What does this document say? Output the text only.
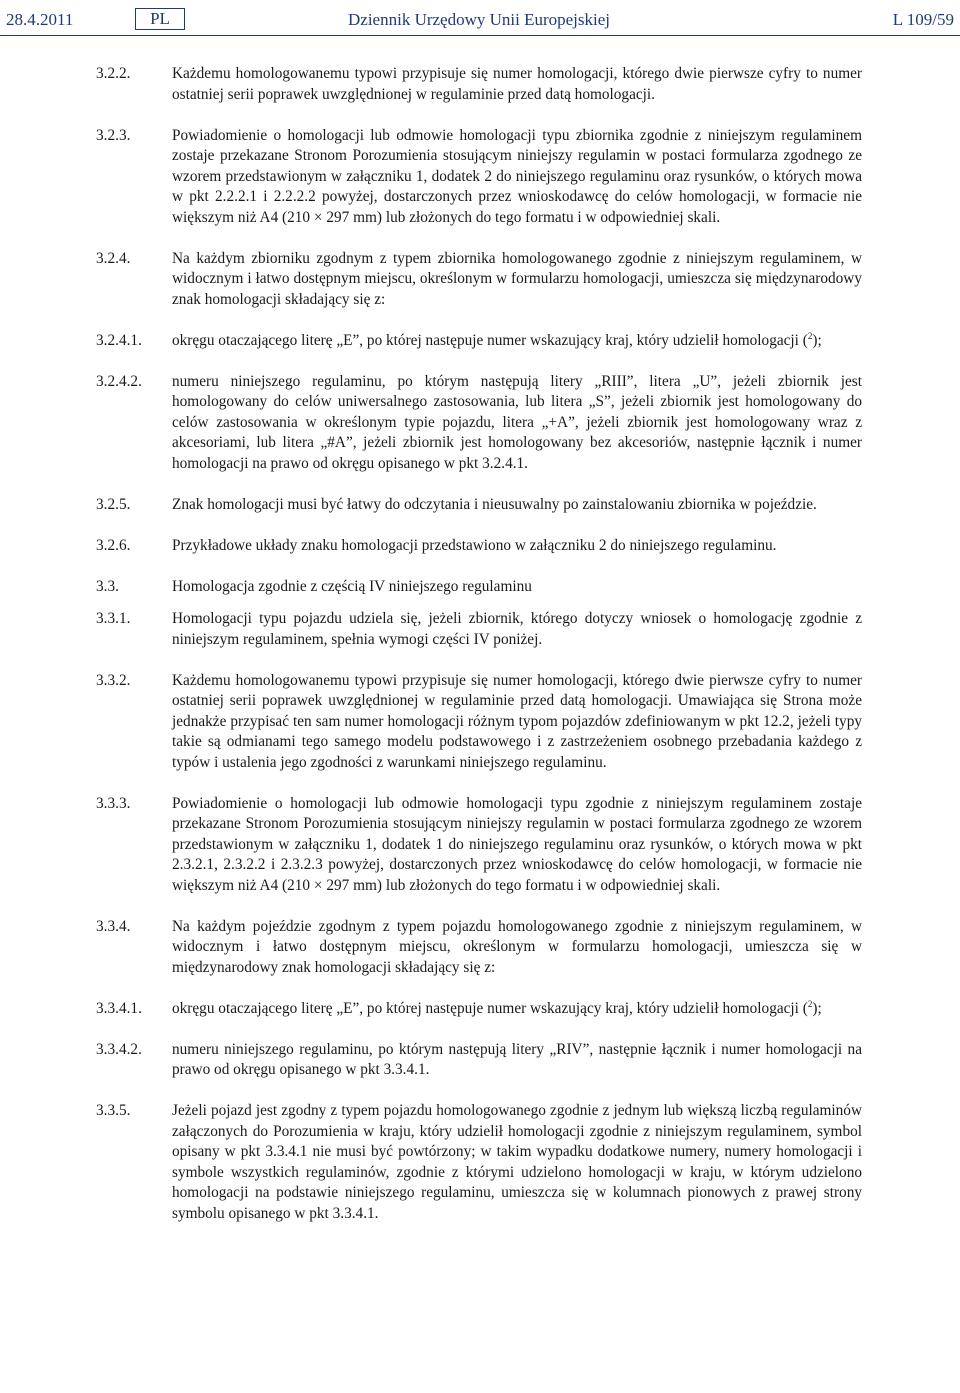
28.4.2011	PL	Dziennik Urzędowy Unii Europejskiej	L 109/59
3.2.2.	Każdemu homologowanemu typowi przypisuje się numer homologacji, którego dwie pierwsze cyfry to numer ostatniej serii poprawek uwzględnionej w regulaminie przed datą homologacji.
3.2.3.	Powiadomienie o homologacji lub odmowie homologacji typu zbiornika zgodnie z niniejszym regulaminem zostaje przekazane Stronom Porozumienia stosującym niniejszy regulamin w postaci formularza zgodnego ze wzorem przedstawionym w załączniku 1, dodatek 2 do niniejszego regulaminu oraz rysunków, o których mowa w pkt 2.2.2.1 i 2.2.2.2 powyżej, dostarczonych przez wnioskodawcę do celów homologacji, w formacie nie większym niż A4 (210 × 297 mm) lub złożonych do tego formatu i w odpowiedniej skali.
3.2.4.	Na każdym zbiorniku zgodnym z typem zbiornika homologowanego zgodnie z niniejszym regulaminem, w widocznym i łatwo dostępnym miejscu, określonym w formularzu homologacji, umieszcza się międzynarodowy znak homologacji składający się z:
3.2.4.1.	okręgu otaczającego literę „E”, po której następuje numer wskazujący kraj, który udzielił homologacji ($^2$);
3.2.4.2.	numeru niniejszego regulaminu, po którym następują litery „RIII”, litera „U”, jeżeli zbiornik jest homologowany do celów uniwersalnego zastosowania, lub litera „S”, jeżeli zbiornik jest homologowany do celów zastosowania w określonym typie pojazdu, litera „+A”, jeżeli zbiornik jest homologowany wraz z akcesoriami, lub litera „#A”, jeżeli zbiornik jest homologowany bez akcesoriów, następnie łącznik i numer homologacji na prawo od okręgu opisanego w pkt 3.2.4.1.
3.2.5.	Znak homologacji musi być łatwy do odczytania i nieusuwalny po zainstalowaniu zbiornika w pojeździe.
3.2.6.	Przykładowe układy znaku homologacji przedstawiono w załączniku 2 do niniejszego regulaminu.
3.3.	Homologacja zgodnie z częścią IV niniejszego regulaminu
3.3.1.	Homologacji typu pojazdu udziela się, jeżeli zbiornik, którego dotyczy wniosek o homologację zgodnie z niniejszym regulaminem, spełnia wymogi części IV poniżej.
3.3.2.	Każdemu homologowanemu typowi przypisuje się numer homologacji, którego dwie pierwsze cyfry to numer ostatniej serii poprawek uwzględnionej w regulaminie przed datą homologacji. Umawiająca się Strona może jednakże przypisać ten sam numer homologacji różnym typom pojazdów zdefiniowanym w pkt 12.2, jeżeli typy takie są odmianami tego samego modelu podstawowego i z zastrzeżeniem osobnego przebadania każdego z typów i ustalenia jego zgodności z warunkami niniejszego regulaminu.
3.3.3.	Powiadomienie o homologacji lub odmowie homologacji typu zgodnie z niniejszym regulaminem zostaje przekazane Stronom Porozumienia stosującym niniejszy regulamin w postaci formularza zgodnego ze wzorem przedstawionym w załączniku 1, dodatek 1 do niniejszego regulaminu oraz rysunków, o których mowa w pkt 2.3.2.1, 2.3.2.2 i 2.3.2.3 powyżej, dostarczonych przez wnioskodawcę do celów homologacji, w formacie nie większym niż A4 (210 × 297 mm) lub złożonych do tego formatu i w odpowiedniej skali.
3.3.4.	Na każdym pojeździe zgodnym z typem pojazdu homologowanego zgodnie z niniejszym regulaminem, w widocznym i łatwo dostępnym miejscu, określonym w formularzu homologacji, umieszcza się w międzynarodowy znak homologacji składający się z:
3.3.4.1.	okręgu otaczającego literę „E”, po której następuje numer wskazujący kraj, który udzielił homologacji ($^2$);
3.3.4.2.	numeru niniejszego regulaminu, po którym następują litery „RIV”, następnie łącznik i numer homologacji na prawo od okręgu opisanego w pkt 3.3.4.1.
3.3.5.	Jeżeli pojazd jest zgodny z typem pojazdu homologowanego zgodnie z jednym lub większą liczbą regulaminów załączonych do Porozumienia w kraju, który udzielił homologacji zgodnie z niniejszym regulaminem, symbol opisany w pkt 3.3.4.1 nie musi być powtórzony; w takim wypadku dodatkowe numery, numery homologacji i symbole wszystkich regulaminów, zgodnie z którymi udzielono homologacji w kraju, w którym udzielono homologacji na podstawie niniejszego regulaminu, umieszcza się w kolumnach pionowych z prawej strony symbolu opisanego w pkt 3.3.4.1.
